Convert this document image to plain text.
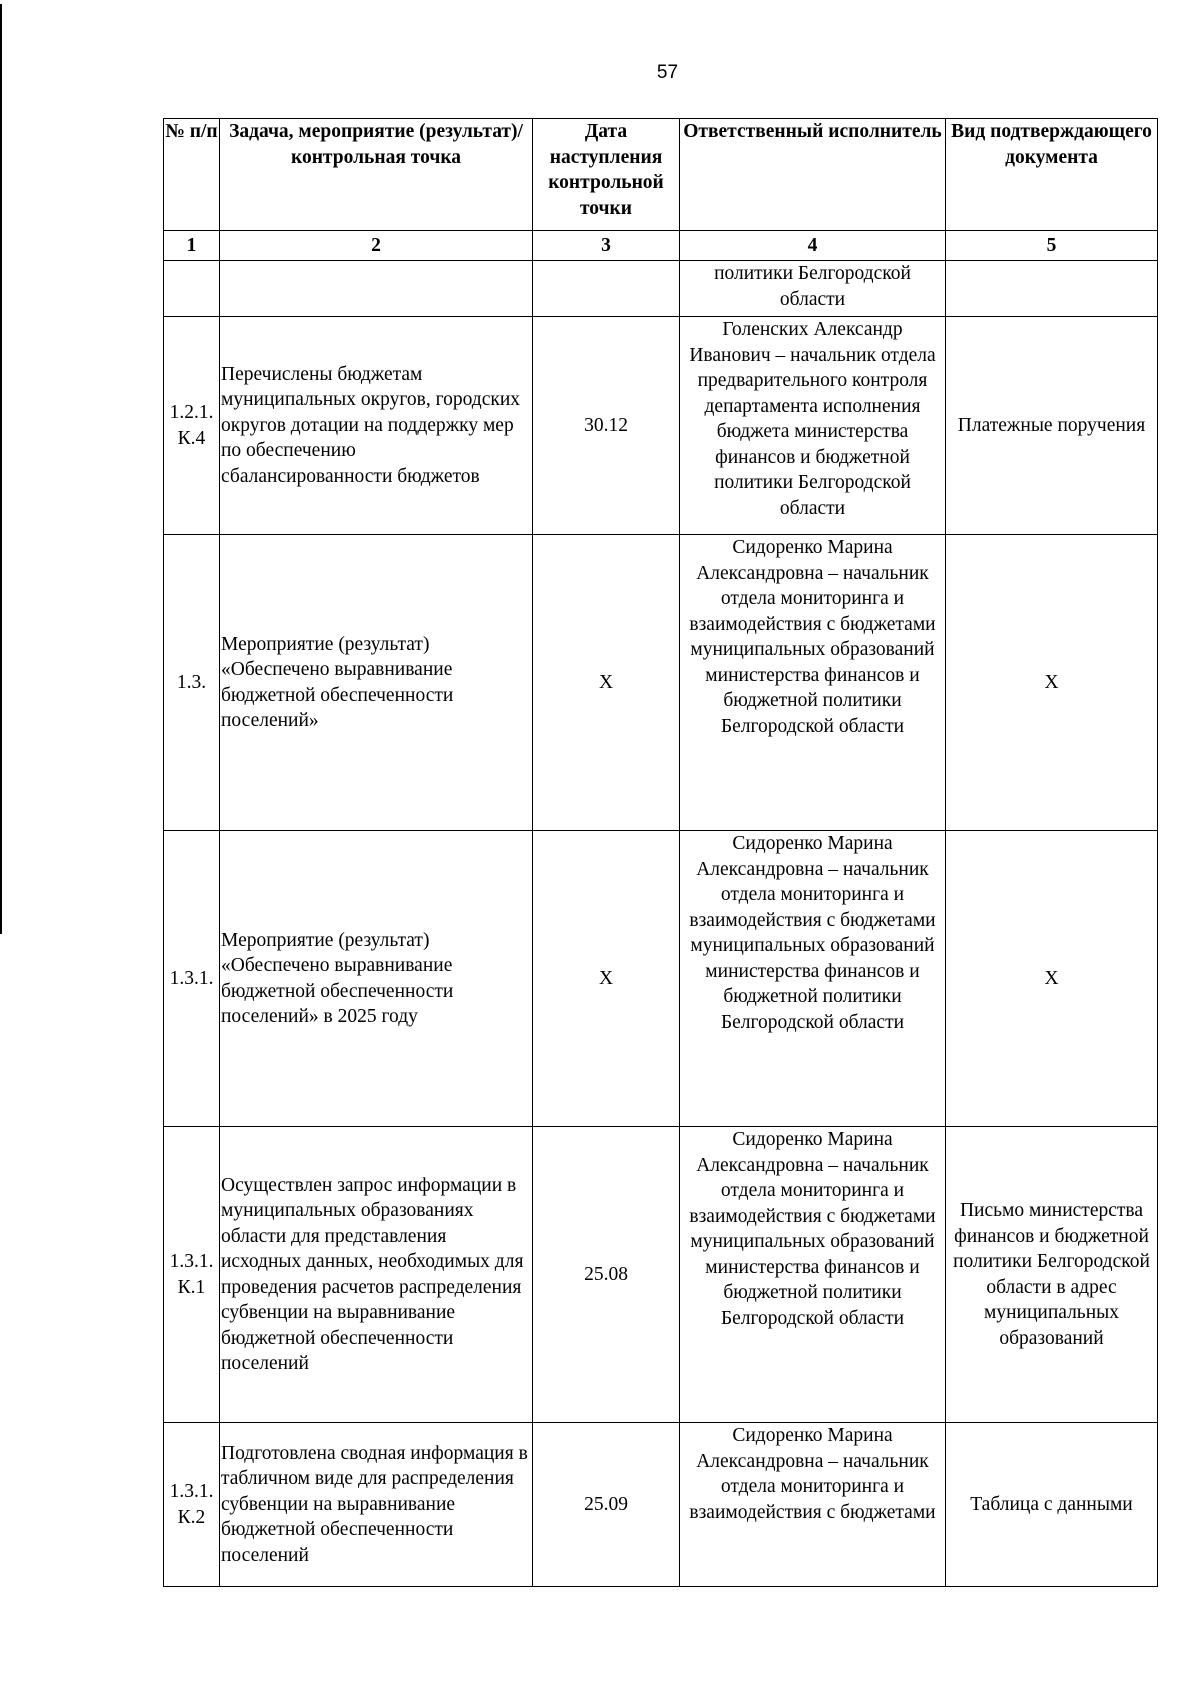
57
№ п/п	Задача, мероприятие (результат)/контрольная точка	Дата наступления контрольной точки	Ответственный исполнитель	Вид подтверждающего документа
1	2	3	4	5
			политики Белгородской области	
1.2.1. К.4	Перечислены бюджетам муниципальных округов, городских округов дотации на поддержку мер по обеспечению сбалансированности бюджетов	30.12	Голенских Александр Иванович – начальник отдела предварительного контроля департамента исполнения бюджета министерства финансов и бюджетной политики Белгородской области	Платежные поручения
1.3.	Мероприятие (результат) «Обеспечено выравнивание бюджетной обеспеченности поселений»	X	Сидоренко Марина Александровна – начальник отдела мониторинга и взаимодействия с бюджетами муниципальных образований министерства финансов и бюджетной политики Белгородской области	X
1.3.1.	Мероприятие (результат) «Обеспечено выравнивание бюджетной обеспеченности поселений» в 2025 году	X	Сидоренко Марина Александровна – начальник отдела мониторинга и взаимодействия с бюджетами муниципальных образований министерства финансов и бюджетной политики Белгородской области	X
1.3.1. К.1	Осуществлен запрос информации в муниципальных образованиях области для представления исходных данных, необходимых для проведения расчетов распределения субвенции на выравнивание бюджетной обеспеченности поселений	25.08	Сидоренко Марина Александровна – начальник отдела мониторинга и взаимодействия с бюджетами муниципальных образований министерства финансов и бюджетной политики Белгородской области	Письмо министерства финансов и бюджетной политики Белгородской области в адрес муниципальных образований
1.3.1. К.2	Подготовлена сводная информация в табличном виде для распределения субвенции на выравнивание бюджетной обеспеченности поселений	25.09	Сидоренко Марина Александровна – начальник отдела мониторинга и взаимодействия с бюджетами	Таблица с данными
